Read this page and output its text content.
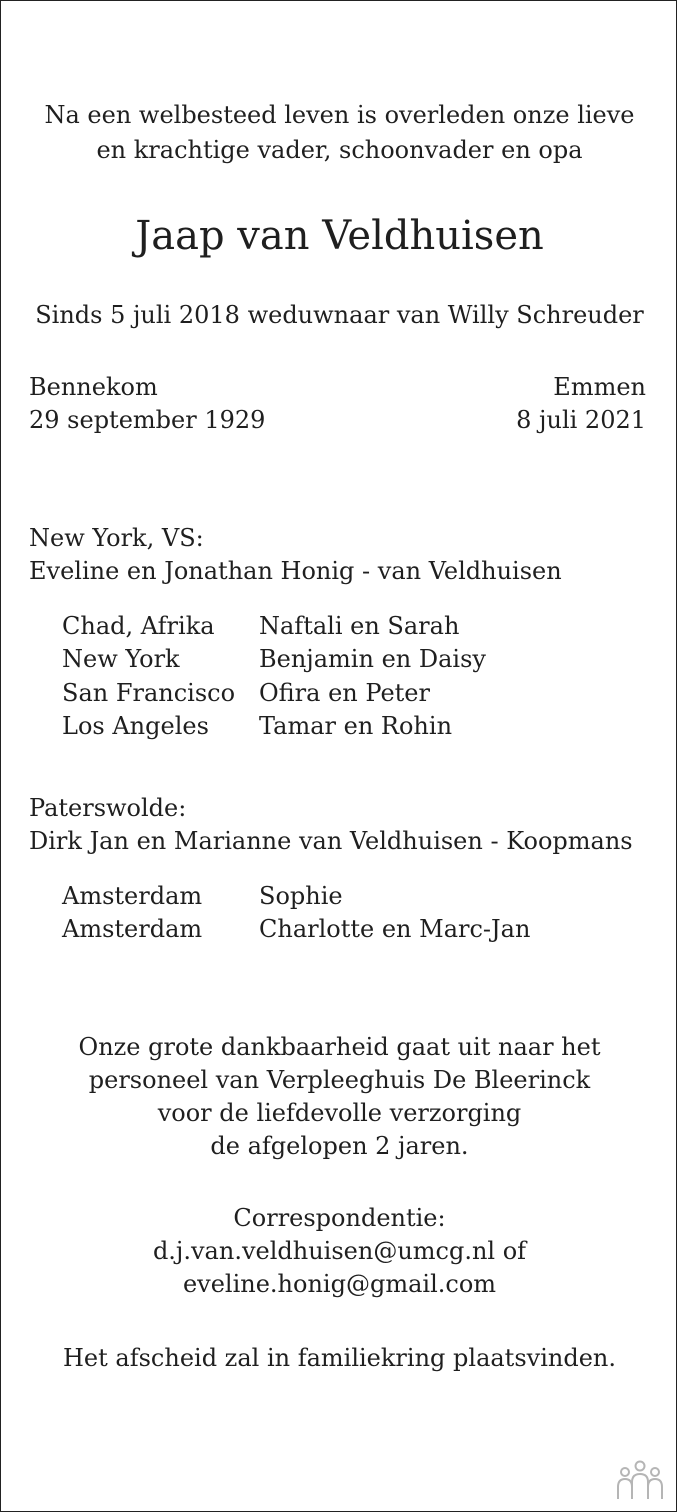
Na een welbesteed leven is overleden onze lieve
en krachtige vader, schoonvader en opa
Jaap van Veldhuisen
Sinds 5 juli 2018 weduwnaar van Willy Schreuder
Bennekom
29 september 1929
Emmen
8 juli 2021
New York, VS:
Eveline en Jonathan Honig - van Veldhuisen
Chad, Afrika Naftali en Sarah
New York	Benjamin en Daisy
San Francisco Ofira en Peter
Los Angeles Tamar en Rohin
Paterswolde:
Dirk Jan en Marianne van Veldhuisen - Koopmans
Amsterdam Sophie
Amsterdam Charlotte en Marc-Jan
Onze grote dankbaarheid gaat uit naar het
personeel van Verpleeghuis De Bleerinck
voor de liefdevolle verzorging
de afgelopen 2 jaren.
Correspondentie:
d.j.van.veldhuisen@umcg.nl of
eveline.honig@gmail.com
Het afscheid zal in familiekring plaatsvinden.
